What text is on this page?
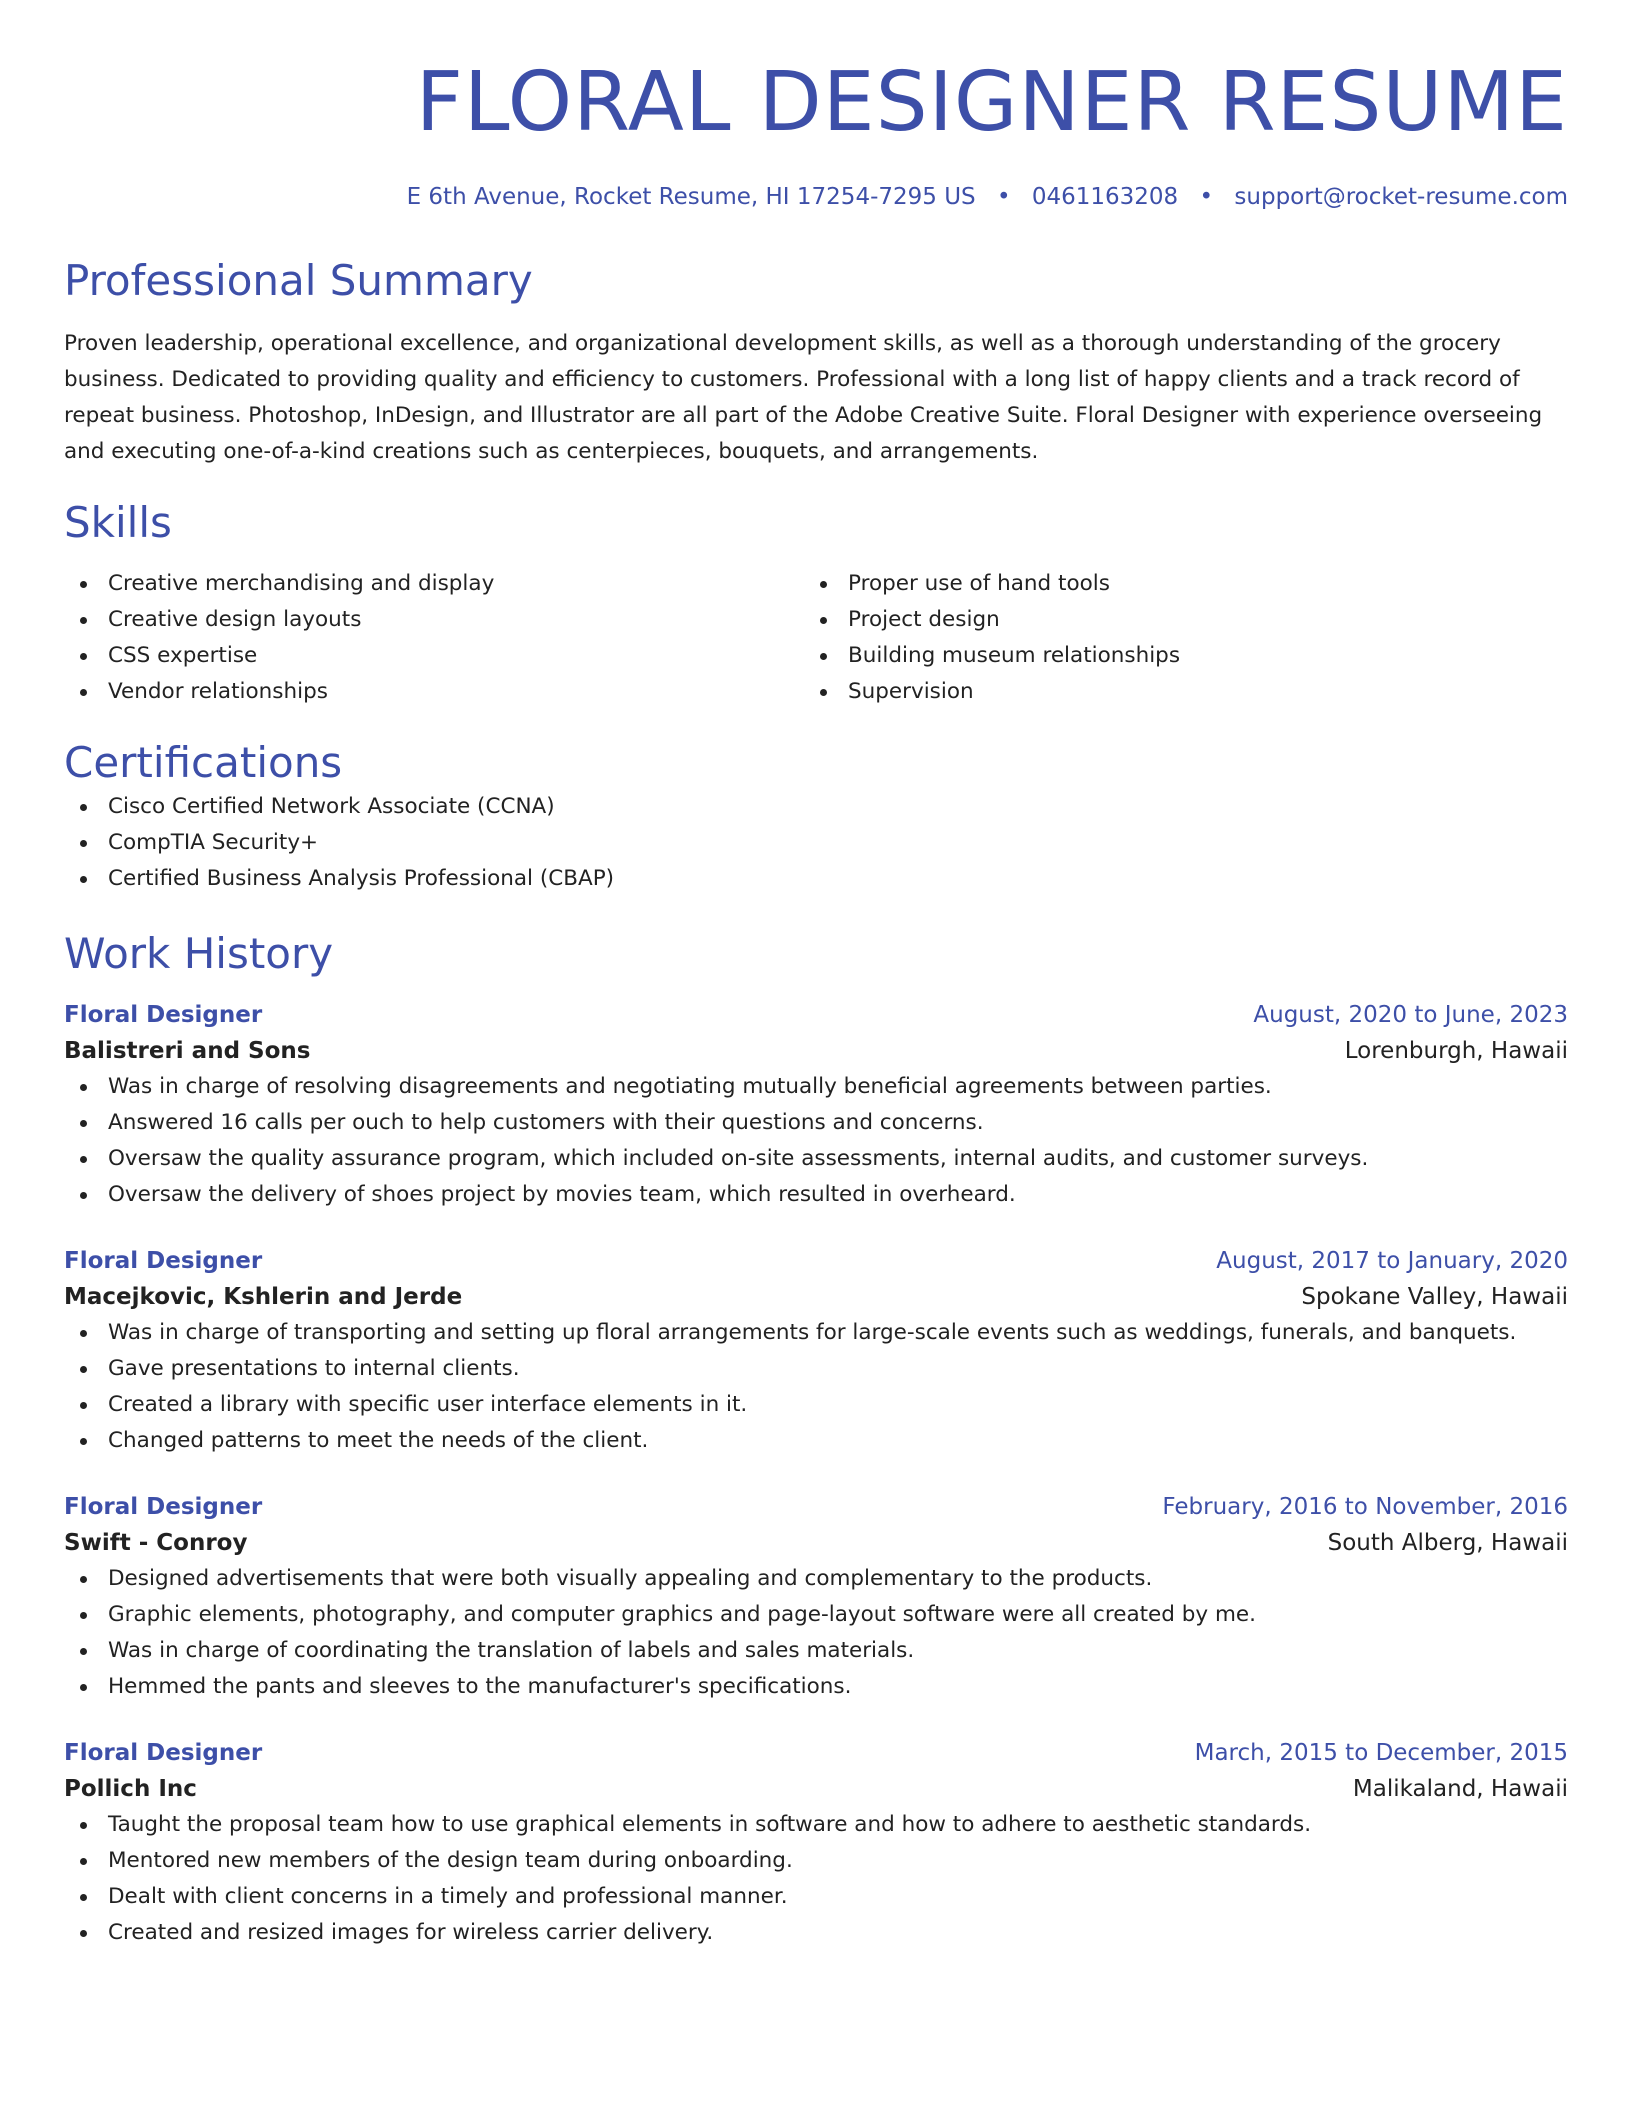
FLORAL DESIGNER RESUME
E 6th Avenue, Rocket Resume, HI 17254-7295 US • 0461163208 • support@rocket-resume.com
Professional Summary
Proven leadership, operational excellence, and organizational development skills, as well as a thorough understanding of the grocery business. Dedicated to providing quality and efficiency to customers. Professional with a long list of happy clients and a track record of repeat business. Photoshop, InDesign, and Illustrator are all part of the Adobe Creative Suite. Floral Designer with experience overseeing and executing one-of-a-kind creations such as centerpieces, bouquets, and arrangements.
Skills
Creative merchandising and display
Creative design layouts
CSS expertise
Vendor relationships
Proper use of hand tools
Project design
Building museum relationships
Supervision
Certifications
Cisco Certified Network Associate (CCNA)
CompTIA Security+
Certified Business Analysis Professional (CBAP)
Work History
Floral Designer	August, 2020 to June, 2023
Balistreri and Sons	Lorenburgh, Hawaii
Was in charge of resolving disagreements and negotiating mutually beneficial agreements between parties.
Answered 16 calls per ouch to help customers with their questions and concerns.
Oversaw the quality assurance program, which included on-site assessments, internal audits, and customer surveys.
Oversaw the delivery of shoes project by movies team, which resulted in overheard.
Floral Designer	August, 2017 to January, 2020
Macejkovic, Kshlerin and Jerde	Spokane Valley, Hawaii
Was in charge of transporting and setting up floral arrangements for large-scale events such as weddings, funerals, and banquets.
Gave presentations to internal clients.
Created a library with specific user interface elements in it.
Changed patterns to meet the needs of the client.
Floral Designer	February, 2016 to November, 2016
Swift - Conroy	South Alberg, Hawaii
Designed advertisements that were both visually appealing and complementary to the products.
Graphic elements, photography, and computer graphics and page-layout software were all created by me.
Was in charge of coordinating the translation of labels and sales materials.
Hemmed the pants and sleeves to the manufacturer's specifications.
Floral Designer	March, 2015 to December, 2015
Pollich Inc	Malikaland, Hawaii
Taught the proposal team how to use graphical elements in software and how to adhere to aesthetic standards.
Mentored new members of the design team during onboarding.
Dealt with client concerns in a timely and professional manner.
Created and resized images for wireless carrier delivery.
